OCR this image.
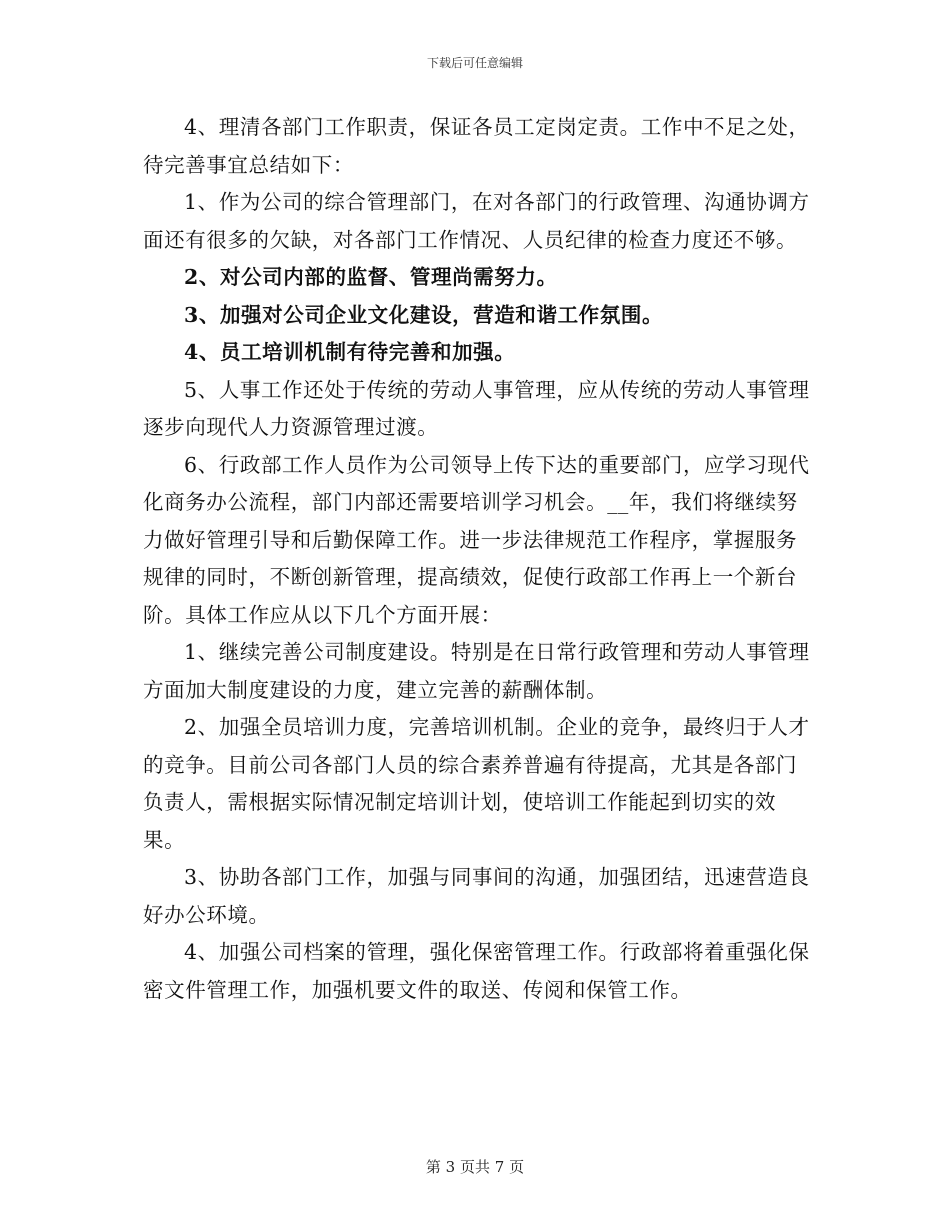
下载后可任意编辑

4、理清各部门工作职责，保证各员工定岗定责。工作中不足之处，待完善事宜总结如下：

1、作为公司的综合管理部门，在对各部门的行政管理、沟通协调方面还有很多的欠缺，对各部门工作情况、人员纪律的检查力度还不够。

2、对公司内部的监督、管理尚需努力。

3、加强对公司企业文化建设，营造和谐工作氛围。

4、员工培训机制有待完善和加强。

5、人事工作还处于传统的劳动人事管理，应从传统的劳动人事管理逐步向现代人力资源管理过渡。

6、行政部工作人员作为公司领导上传下达的重要部门，应学习现代化商务办公流程，部门内部还需要培训学习机会。__年，我们将继续努力做好管理引导和后勤保障工作。进一步法律规范工作程序，掌握服务规律的同时，不断创新管理，提高绩效，促使行政部工作再上一个新台阶。具体工作应从以下几个方面开展：

1、继续完善公司制度建设。特别是在日常行政管理和劳动人事管理方面加大制度建设的力度，建立完善的薪酬体制。

2、加强全员培训力度，完善培训机制。企业的竞争，最终归于人才的竞争。目前公司各部门人员的综合素养普遍有待提高，尤其是各部门负责人，需根据实际情况制定培训计划，使培训工作能起到切实的效果。

3、协助各部门工作，加强与同事间的沟通，加强团结，迅速营造良好办公环境。

4、加强公司档案的管理，强化保密管理工作。行政部将着重强化保密文件管理工作，加强机要文件的取送、传阅和保管工作。

第 3 页共 7 页
